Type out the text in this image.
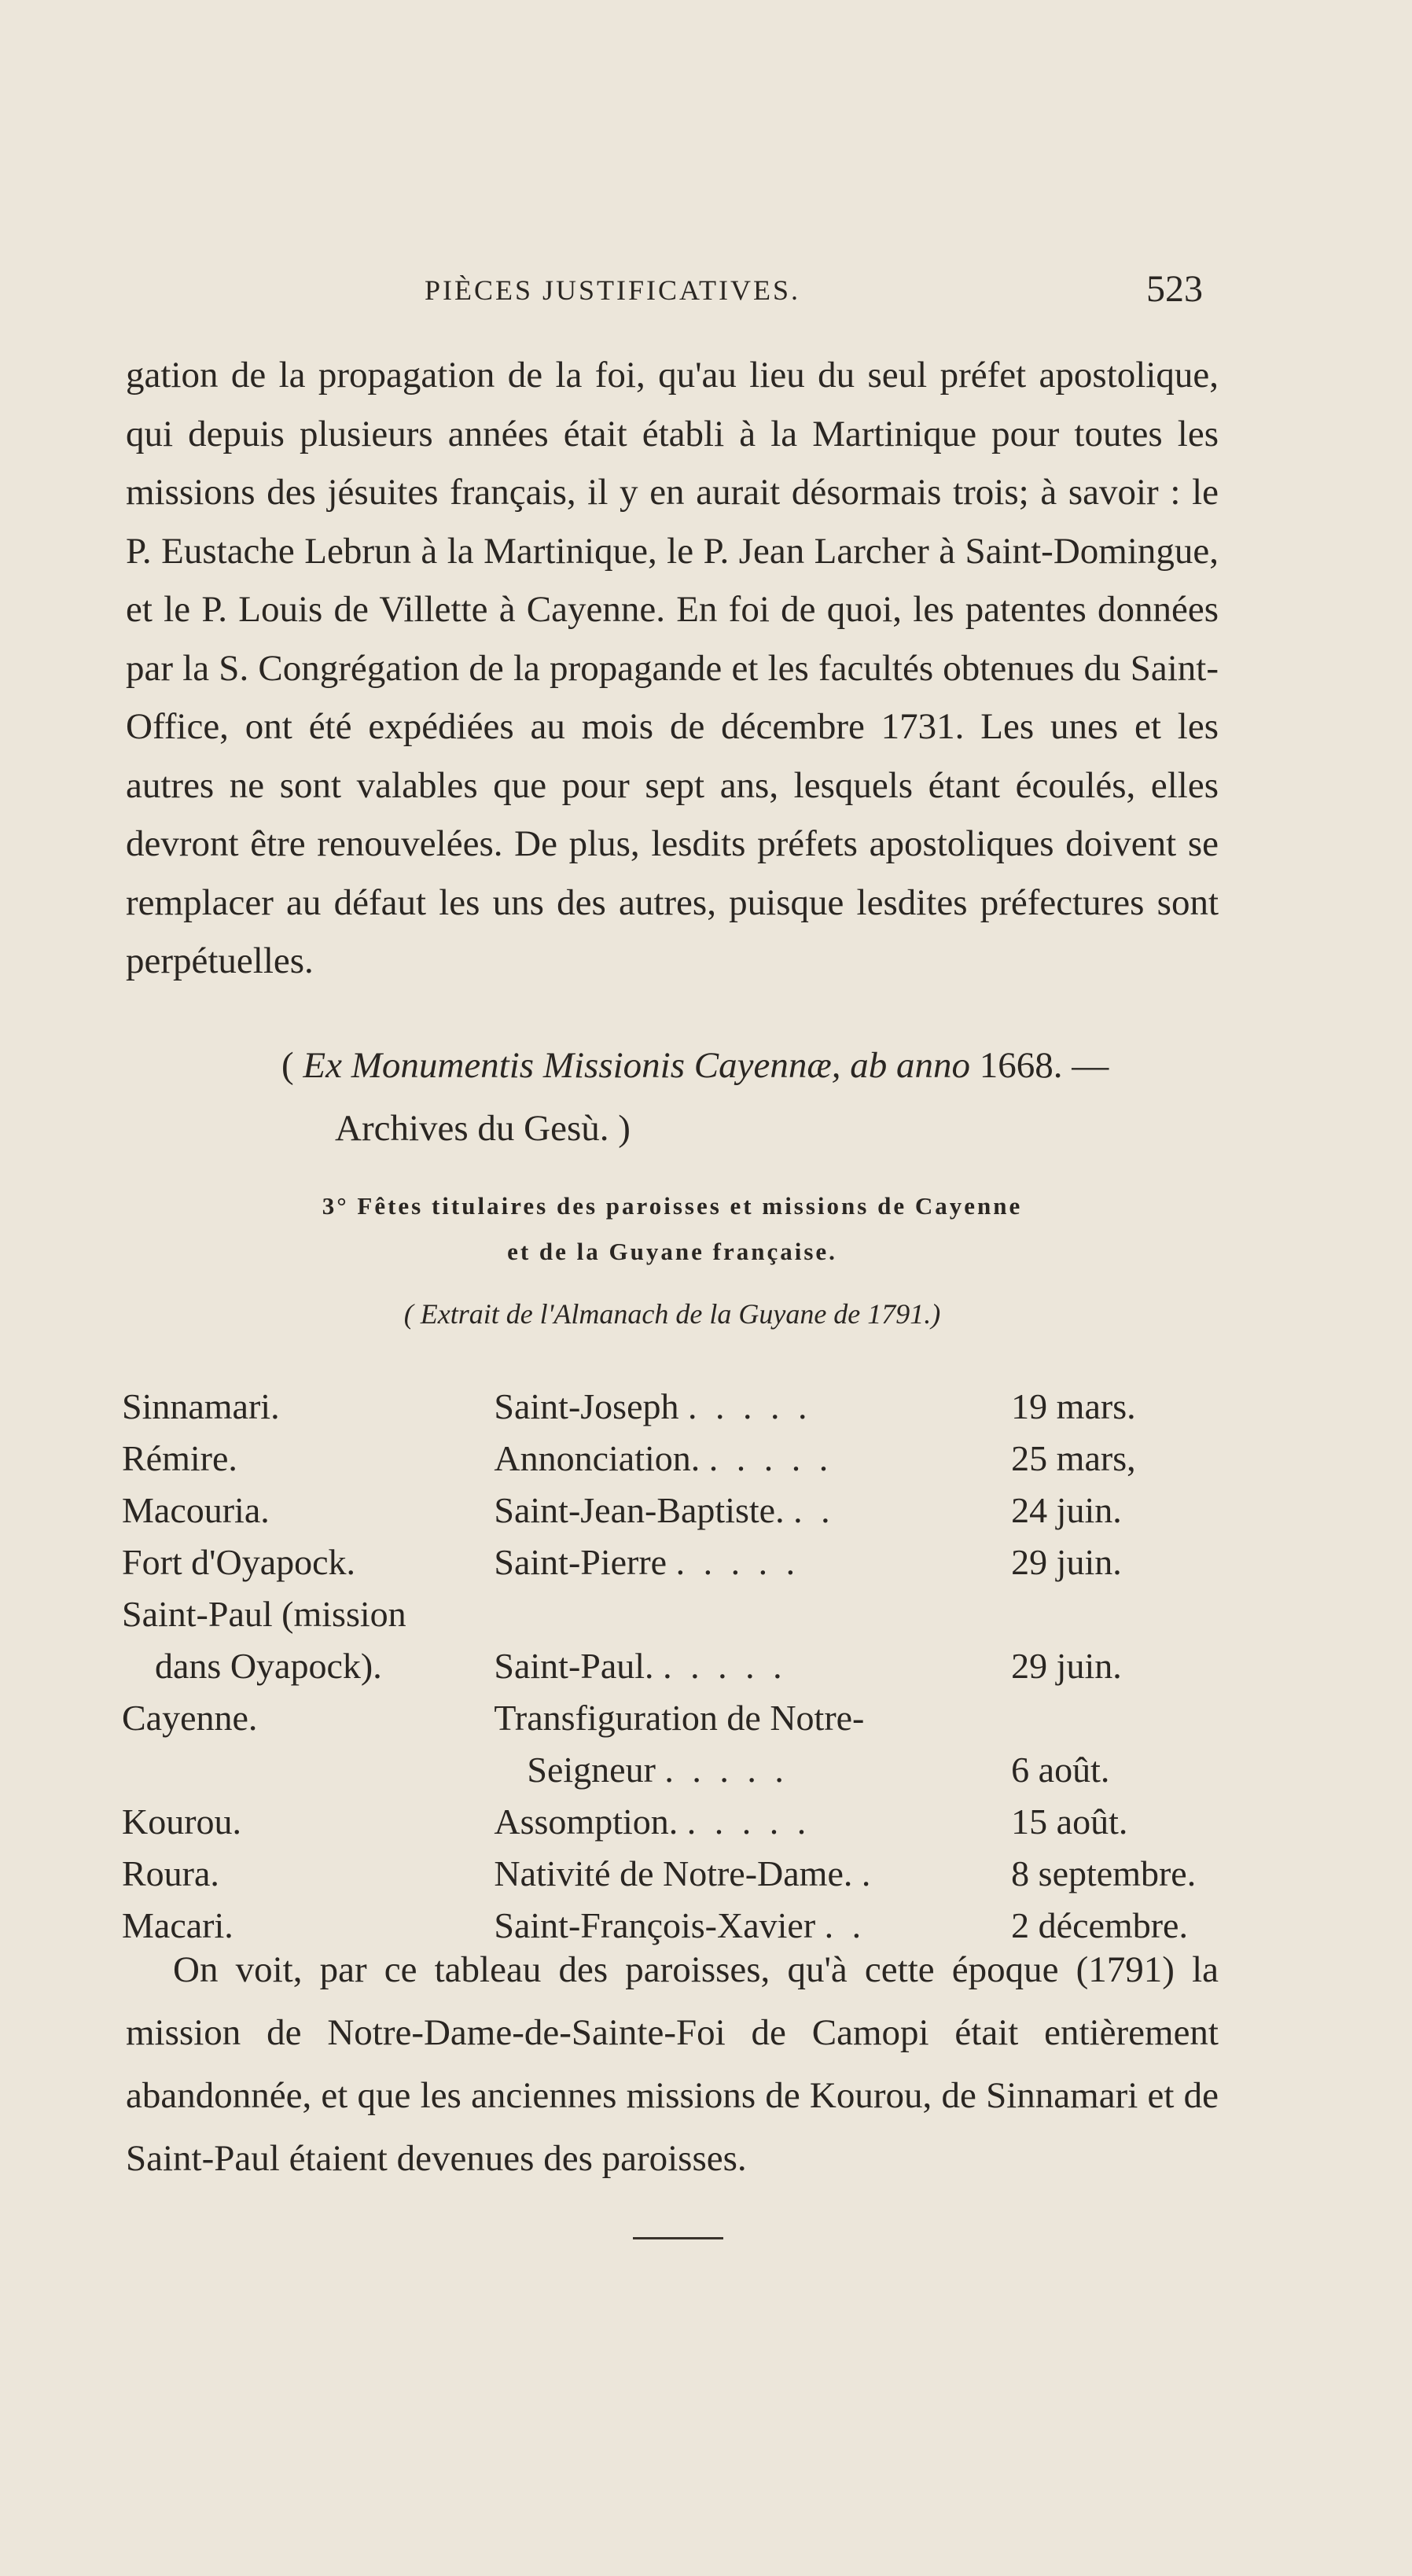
PIÈCES JUSTIFICATIVES.	523

gation de la propagation de la foi, qu'au lieu du seul préfet apostolique, qui depuis plusieurs années était établi à la Martinique pour toutes les missions des jésuites français, il y en aurait désormais trois; à savoir : le P. Eustache Lebrun à la Martinique, le P. Jean Larcher à Saint-Domingue, et le P. Louis de Villette à Cayenne. En foi de quoi, les patentes données par la S. Congrégation de la propagande et les facultés obtenues du Saint-Office, ont été expédiées au mois de décembre 1731. Les unes et les autres ne sont valables que pour sept ans, lesquels étant écoulés, elles devront être renouvelées. De plus, lesdits préfets apostoliques doivent se remplacer au défaut les uns des autres, puisque lesdites préfectures sont perpétuelles.

( Ex Monumentis Missionis Cayennæ, ab anno 1668. —
Archives du Gesù. )

3° Fêtes titulaires des paroisses et missions de Cayenne
et de la Guyane française.

( Extrait de l'Almanach de la Guyane de 1791.)

Sinnamari.	Saint-Joseph . . . . .	19 mars.
Rémire.	Annonciation. . . . . .	25 mars,
Macouria.	Saint-Jean-Baptiste. . .	24 juin.
Fort d'Oyapock.	Saint-Pierre . . . . .	29 juin.
Saint-Paul (mission		
dans Oyapock).	Saint-Paul. . . . . .	29 juin.
Cayenne.	Transfiguration de Notre-	
	Seigneur . . . . .	6 août.
Kourou.	Assomption. . . . . .	15 août.
Roura.	Nativité de Notre-Dame. .	8 septembre.
Macari.	Saint-François-Xavier . .	2 décembre.

On voit, par ce tableau des paroisses, qu'à cette époque (1791) la mission de Notre-Dame-de-Sainte-Foi de Camopi était entièrement abandonnée, et que les anciennes missions de Kourou, de Sinnamari et de Saint-Paul étaient devenues des paroisses.
